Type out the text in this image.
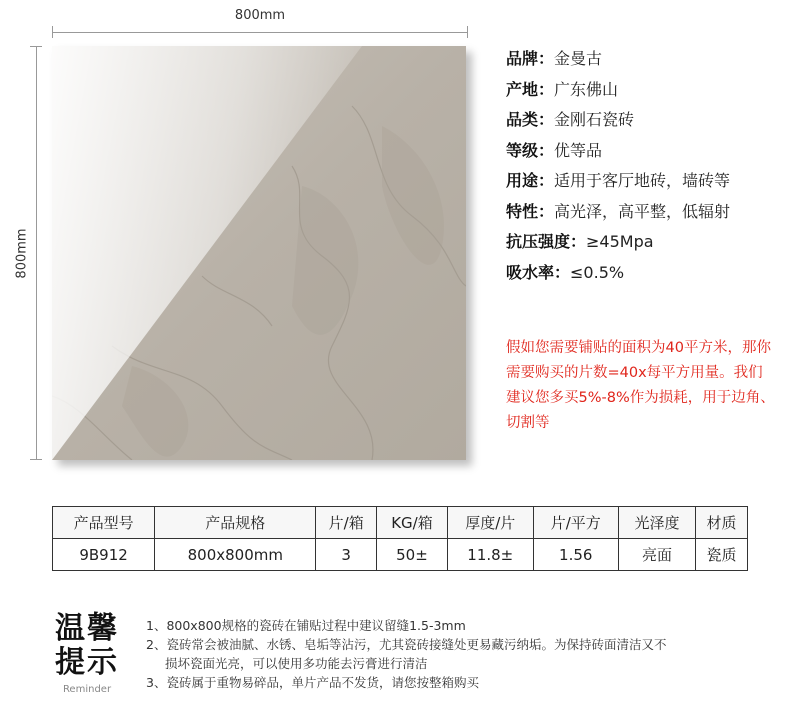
800mm
800mm
品牌：金曼古
产地：广东佛山
品类：金刚石瓷砖
等级：优等品
用途：适用于客厅地砖，墙砖等
特性：高光泽，高平整，低辐射
抗压强度：≥45Mpa
吸水率：≤0.5%
假如您需要铺贴的面积为40平方米，那你需要购买的片数=40x每平方用量。我们建议您多买5%-8%作为损耗，用于边角、切割等
产品型号	产品规格	片/箱	KG/箱	厚度/片	片/平方	光泽度	材质
9B912	800x800mm	3	50±	11.8±	1.56	亮面	瓷质
温馨
提示
Reminder

1、800x800规格的瓷砖在铺贴过程中建议留缝1.5-3mm

2、瓷砖常会被油腻、水锈、皂垢等沾污，尤其瓷砖接缝处更易藏污纳垢。为保持砖面清洁又不

损坏瓷面光亮，可以使用多功能去污膏进行清洁

3、瓷砖属于重物易碎品，单片产品不发货，请您按整箱购买
